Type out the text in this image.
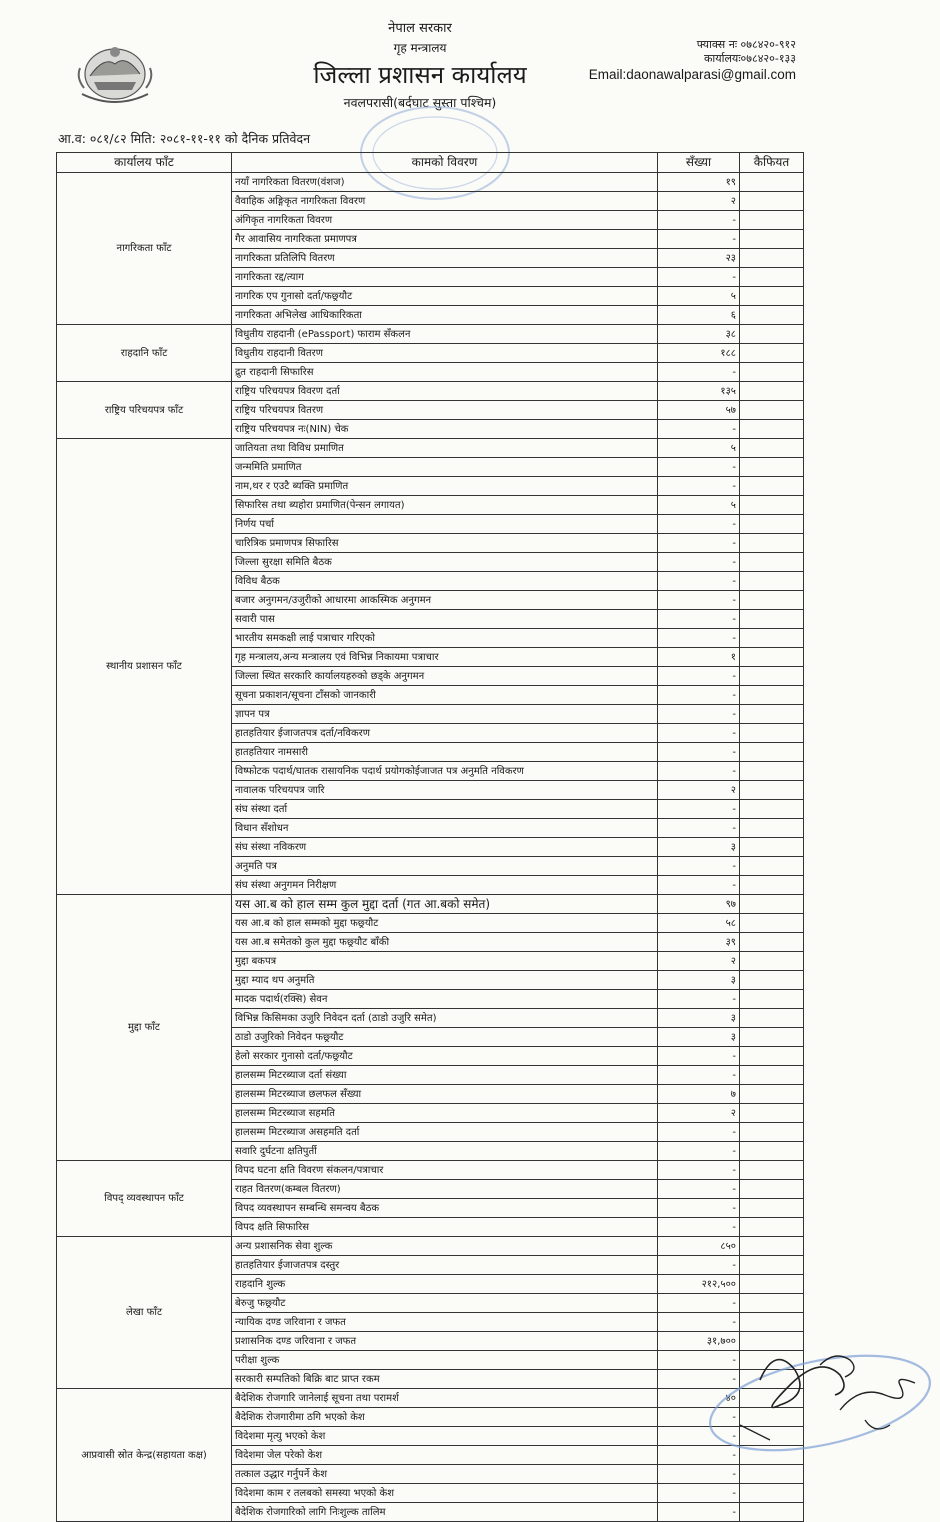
नेपाल सरकार
गृह मन्त्रालय
जिल्ला प्रशासन कार्यालय
नवलपरासी(बर्दघाट सुस्ता पश्चिम)
फ्याक्स नः ०७८४२०-९१२
कार्यालयः०७८४२०-१३३
Email:daonawalparasi@gmail.com
आ.व: ०८१/८२ मिति: २०८१-११-११ को दैनिक प्रतिवेदन
कार्यालय फाँट	कामको विवरण	सँख्या	कैफियत
नागरिकता फाँट	नयाँ नागरिकता वितरण(वंशज)	१९	
	वैवाहिक अङ्गिकृत नागरिकता विवरण	२	
	अंगिकृत नागरिकता विवरण	-	
	गैर आवासिय नागरिकता प्रमाणपत्र	-	
	नागरिकता प्रतिलिपि वितरण	२३	
	नागरिकता रद्द/त्याग	-	
	नागरिक एप गुनासो दर्ता/फछ्र्यौट	५	
	नागरिकता अभिलेख आधिकारिकता	६	
राहदानि फाँट	विधुतीय राहदानी (ePassport) फाराम सँकलन	३८	
	विधुतीय राहदानी वितरण	१८८	
	द्रुत राहदानी सिफारिस	-	
राष्ट्रिय परिचयपत्र फाँट	राष्ट्रिय परिचयपत्र विवरण दर्ता	१३५	
	राष्ट्रिय परिचयपत्र वितरण	५७	
	राष्ट्रिय परिचयपत्र नः(NIN) चेक	-	
स्थानीय प्रशासन फाँट	जातियता तथा विविध प्रमाणित	५	
	जन्ममिति प्रमाणित	-	
	नाम,थर र एउटै ब्यक्ति प्रमाणित	-	
	सिफारिस तथा ब्यहोरा प्रमाणित(पेन्सन लगायत)	५	
	निर्णय पर्चा	-	
	चारित्रिक प्रमाणपत्र सिफारिस	-	
	जिल्ला सुरक्षा समिति बैठक	-	
	विविध बैठक	-	
	बजार अनुगमन/उजुरीको आधारमा आकस्मिक अनुगमन	-	
	सवारी पास	-	
	भारतीय समकक्षी लाई पत्राचार गरिएको	-	
	गृह मन्त्रालय,अन्य मन्त्रालय एवं विभिन्न निकायमा पत्राचार	१	
	जिल्ला स्थित सरकारि कार्यालयहरुको छड्के अनुगमन	-	
	सूचना प्रकाशन/सूचना टाँसको जानकारी	-	
	ज्ञापन पत्र	-	
	हातहतियार ईजाजतपत्र दर्ता/नविकरण	-	
	हातहतियार नामसारी	-	
	विष्फोटक पदार्थ/घातक रासायनिक पदार्थ प्रयोगकोईजाजत पत्र अनुमति नविकरण	-	
	नावालक परिचयपत्र जारि	२	
	संघ संस्था दर्ता	-	
	विधान सँशोधन	-	
	संघ संस्था नविकरण	३	
	अनुमति पत्र	-	
	संघ संस्था अनुगमन निरीक्षण	-	
मुद्दा फाँट	यस आ.ब को हाल सम्म कुल मुद्दा दर्ता (गत आ.बको समेत)	९७	
	यस आ.ब को हाल सम्मको मुद्दा फछ्र्यौट	५८	
	यस आ.ब समेतको कुल मुद्दा फछ्र्यौट बाँकी	३९	
	मुद्दा बकपत्र	२	
	मुद्दा म्याद थप अनुमति	३	
	मादक पदार्थ(रक्सि) सेवन	-	
	विभिन्न किसिमका उजुरि निवेदन दर्ता (ठाडो उजुरि समेत)	३	
	ठाडो उजुरिको निवेदन फछ्र्यौट	३	
	हेलो सरकार गुनासो दर्ता/फछ्र्यौट	-	
	हालसम्म मिटरब्याज दर्ता संख्या	-	
	हालसम्म मिटरब्याज छलफल सँख्या	७	
	हालसम्म मिटरब्याज सहमति	२	
	हालसम्म मिटरब्याज असहमति दर्ता	-	
	सवारि दुर्घटना क्षतिपुर्ती	-	
विपद् व्यवस्थापन फाँट	विपद घटना क्षति विवरण संकलन/पत्राचार	-	
	राहत वितरण(कम्बल वितरण)	-	
	विपद व्यवस्थापन सम्बन्धि समन्वय बैठक	-	
	विपद क्षति सिफारिस	-	
लेखा फाँट	अन्य प्रशासनिक सेवा शुल्क	८५०	
	हातहतियार ईजाजतपत्र दस्तुर	-	
	राहदानि शुल्क	२१२,५००	
	बेरुजु फछ्र्यौट	-	
	न्यायिक दण्ड जरिवाना र जफत	-	
	प्रशासनिक दण्ड जरिवाना र जफत	३१,७००	
	परीक्षा शुल्क	-	
	सरकारी सम्पतिको बिक्रि बाट प्राप्त रकम	-	
आप्रवासी स्रोत केन्द्र(सहायता कक्ष)	बैदेशिक रोजगारि जानेलाई सूचना तथा परामर्श	४०	
	बैदेशिक रोजगारीमा ठगि भएको केश	-	
	विदेशमा मृत्यु भएको केश	-	
	विदेशमा जेल परेको केश	-	
	तत्काल उद्धार गर्नुपर्ने केश	-	
	विदेशमा काम र तलबको समस्या भएको केश	-	
	बैदेशिक रोजगारिको लागि निःशुल्क तालिम	-	
